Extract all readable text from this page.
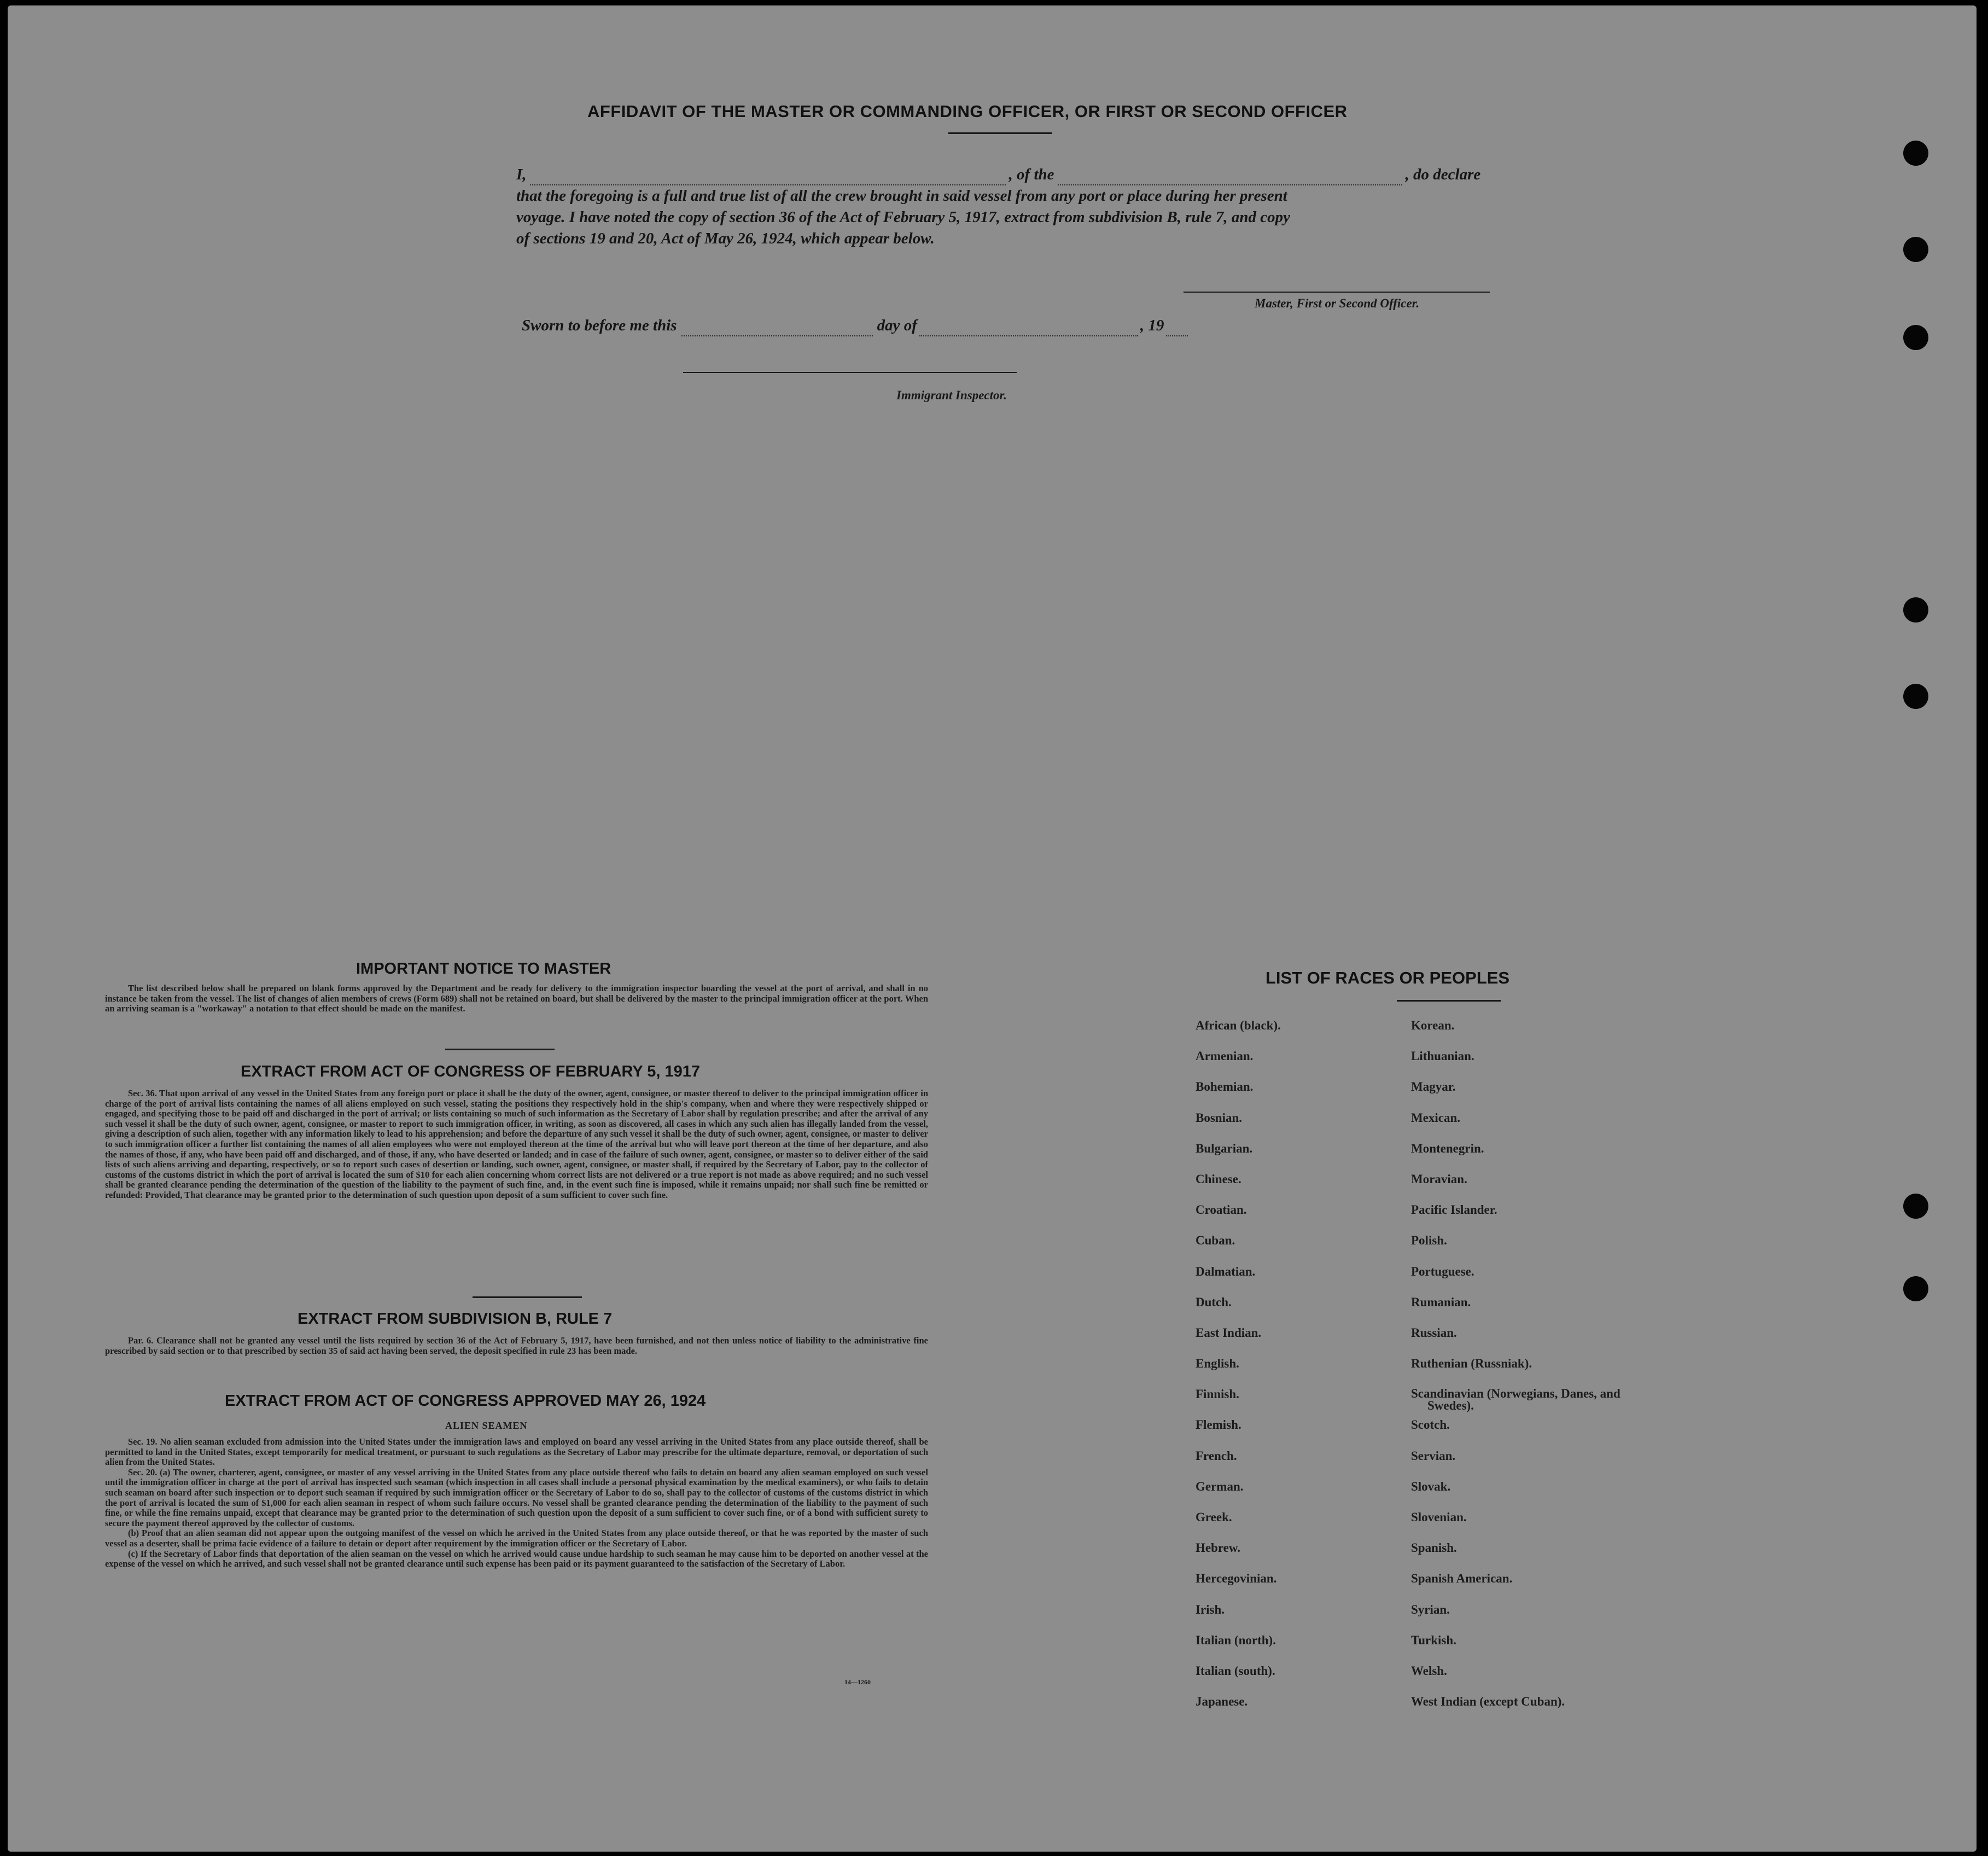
AFFIDAVIT OF THE MASTER OR COMMANDING OFFICER, OR FIRST OR SECOND OFFICER
I,	, of the	, do declare
that the foregoing is a full and true list of all the crew brought in said vessel from any port or place during her present
voyage. I have noted the copy of section 36 of the Act of February 5, 1917, extract from subdivision B, rule 7, and copy
of sections 19 and 20, Act of May 26, 1924, which appear below.
Master, First or Second Officer.
Sworn to before me this	day of	, 19
Immigrant Inspector.
IMPORTANT NOTICE TO MASTER
The list described below shall be prepared on blank forms approved by the Department and be ready for delivery to the immigration inspector boarding the vessel at the port of arrival, and shall in no instance be taken from the vessel. The list of changes of alien members of crews (Form 689) shall not be retained on board, but shall be delivered by the master to the principal immigration officer at the port. When an arriving seaman is a "workaway" a notation to that effect should be made on the manifest.
EXTRACT FROM ACT OF CONGRESS OF FEBRUARY 5, 1917
Sec. 36. That upon arrival of any vessel in the United States from any foreign port or place it shall be the duty of the owner, agent, consignee, or master thereof to deliver to the principal immigration officer in charge of the port of arrival lists containing the names of all aliens employed on such vessel, stating the positions they respectively hold in the ship's company, when and where they were respectively shipped or engaged, and specifying those to be paid off and discharged in the port of arrival; or lists containing so much of such information as the Secretary of Labor shall by regulation prescribe; and after the arrival of any such vessel it shall be the duty of such owner, agent, consignee, or master to report to such immigration officer, in writing, as soon as discovered, all cases in which any such alien has illegally landed from the vessel, giving a description of such alien, together with any information likely to lead to his apprehension; and before the departure of any such vessel it shall be the duty of such owner, agent, consignee, or master to deliver to such immigration officer a further list containing the names of all alien employees who were not employed thereon at the time of the arrival but who will leave port thereon at the time of her departure, and also the names of those, if any, who have been paid off and discharged, and of those, if any, who have deserted or landed; and in case of the failure of such owner, agent, consignee, or master so to deliver either of the said lists of such aliens arriving and departing, respectively, or so to report such cases of desertion or landing, such owner, agent, consignee, or master shall, if required by the Secretary of Labor, pay to the collector of customs of the customs district in which the port of arrival is located the sum of $10 for each alien concerning whom correct lists are not delivered or a true report is not made as above required; and no such vessel shall be granted clearance pending the determination of the question of the liability to the payment of such fine, and, in the event such fine is imposed, while it remains unpaid; nor shall such fine be remitted or refunded: Provided, That clearance may be granted prior to the determination of such question upon deposit of a sum sufficient to cover such fine.
EXTRACT FROM SUBDIVISION B, RULE 7
Par. 6. Clearance shall not be granted any vessel until the lists required by section 36 of the Act of February 5, 1917, have been furnished, and not then unless notice of liability to the administrative fine prescribed by said section or to that prescribed by section 35 of said act having been served, the deposit specified in rule 23 has been made.
EXTRACT FROM ACT OF CONGRESS APPROVED MAY 26, 1924
ALIEN SEAMEN
Sec. 19. No alien seaman excluded from admission into the United States under the immigration laws and employed on board any vessel arriving in the United States from any place outside thereof, shall be permitted to land in the United States, except temporarily for medical treatment, or pursuant to such regulations as the Secretary of Labor may prescribe for the ultimate departure, removal, or deportation of such alien from the United States.
Sec. 20. (a) The owner, charterer, agent, consignee, or master of any vessel arriving in the United States from any place outside thereof who fails to detain on board any alien seaman employed on such vessel until the immigration officer in charge at the port of arrival has inspected such seaman (which inspection in all cases shall include a personal physical examination by the medical examiners), or who fails to detain such seaman on board after such inspection or to deport such seaman if required by such immigration officer or the Secretary of Labor to do so, shall pay to the collector of customs of the customs district in which the port of arrival is located the sum of $1,000 for each alien seaman in respect of whom such failure occurs. No vessel shall be granted clearance pending the determination of the liability to the payment of such fine, or while the fine remains unpaid, except that clearance may be granted prior to the determination of such question upon the deposit of a sum sufficient to cover such fine, or of a bond with sufficient surety to secure the payment thereof approved by the collector of customs.
(b) Proof that an alien seaman did not appear upon the outgoing manifest of the vessel on which he arrived in the United States from any place outside thereof, or that he was reported by the master of such vessel as a deserter, shall be prima facie evidence of a failure to detain or deport after requirement by the immigration officer or the Secretary of Labor.
(c) If the Secretary of Labor finds that deportation of the alien seaman on the vessel on which he arrived would cause undue hardship to such seaman he may cause him to be deported on another vessel at the expense of the vessel on which he arrived, and such vessel shall not be granted clearance until such expense has been paid or its payment guaranteed to the satisfaction of the Secretary of Labor.
14—1260
LIST OF RACES OR PEOPLES
African (black).
Armenian.
Bohemian.
Bosnian.
Bulgarian.
Chinese.
Croatian.
Cuban.
Dalmatian.
Dutch.
East Indian.
English.
Finnish.
Flemish.
French.
German.
Greek.
Hebrew.
Hercegovinian.
Irish.
Italian (north).
Italian (south).
Japanese.
Korean.
Lithuanian.
Magyar.
Mexican.
Montenegrin.
Moravian.
Pacific Islander.
Polish.
Portuguese.
Rumanian.
Russian.
Ruthenian (Russniak).
Scandinavian (Norwegians, Danes, and Swedes).
Scotch.
Servian.
Slovak.
Slovenian.
Spanish.
Spanish American.
Syrian.
Turkish.
Welsh.
West Indian (except Cuban).
